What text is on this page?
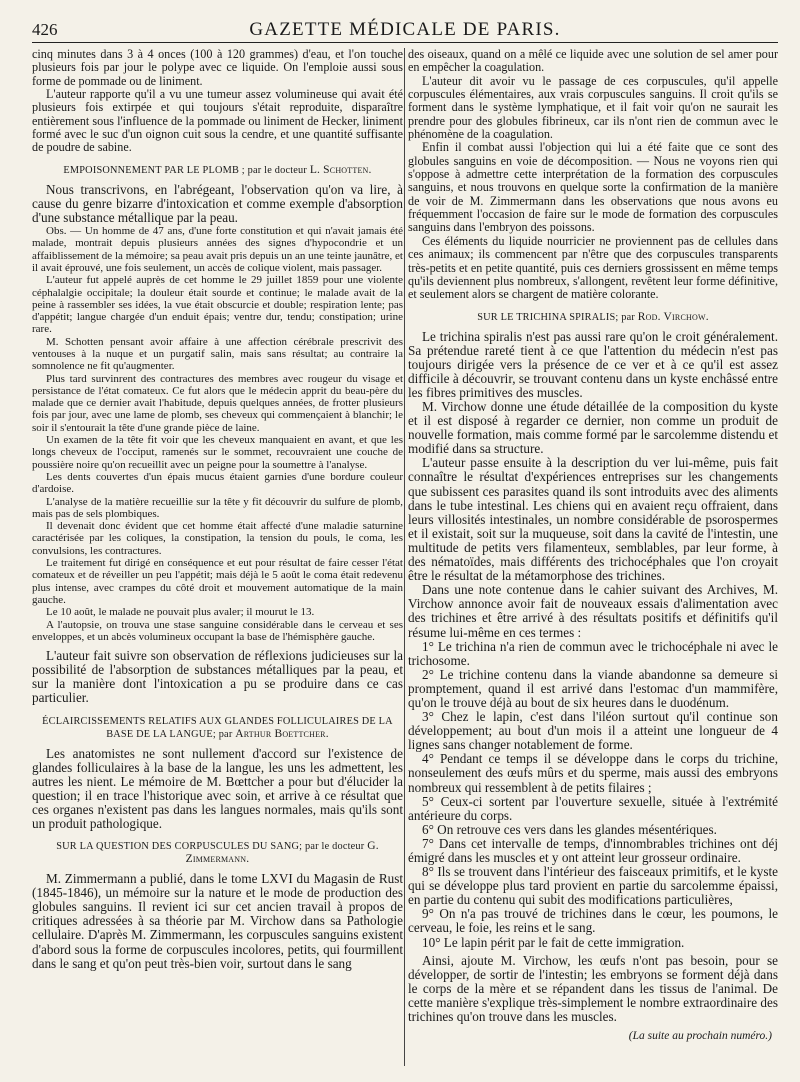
426	GAZETTE MÉDICALE DE PARIS.

cinq minutes dans 3 à 4 onces (100 à 120 grammes) d'eau, et l'on touche plusieurs fois par jour le polype avec ce liquide. On l'emploie aussi sous forme de pommade ou de liniment.

L'auteur rapporte qu'il a vu une tumeur assez volumineuse qui avait été plusieurs fois extirpée et qui toujours s'était reproduite, disparaître entièrement sous l'influence de la pommade ou liniment de Hecker, liniment formé avec le suc d'un oignon cuit sous la cendre, et une quantité suffisante de poudre de sabine.

EMPOISONNEMENT PAR LE PLOMB ; par le docteur L. Schotten.

Nous transcrivons, en l'abrégeant, l'observation qu'on va lire, à cause du genre bizarre d'intoxication et comme exemple d'absorption d'une substance métallique par la peau.

Obs. — Un homme de 47 ans, d'une forte constitution et qui n'avait jamais été malade, montrait depuis plusieurs années des signes d'hypocondrie et un affaiblissement de la mémoire; sa peau avait pris depuis un an une teinte jaunâtre, et il avait éprouvé, une fois seulement, un accès de colique violent, mais passager.

L'auteur fut appelé auprès de cet homme le 29 juillet 1859 pour une violente céphalalgie occipitale; la douleur était sourde et continue; le malade avait de la peine à rassembler ses idées, la vue était obscurcie et double; respiration lente; pas d'appétit; langue chargée d'un enduit épais; ventre dur, tendu; constipation; urine rare.

M. Schotten pensant avoir affaire à une affection cérébrale prescrivit des ventouses à la nuque et un purgatif salin, mais sans résultat; au contraire la somnolence ne fit qu'augmenter.

Plus tard survinrent des contractures des membres avec rougeur du visage et persistance de l'état comateux. Ce fut alors que le médecin apprit du beau-père du malade que ce dernier avait l'habitude, depuis quelques années, de frotter plusieurs fois par jour, avec une lame de plomb, ses cheveux qui commençaient à blanchir; le soir il s'entourait la tête d'une grande pièce de laine.

Un examen de la tête fit voir que les cheveux manquaient en avant, et que les longs cheveux de l'occiput, ramenés sur le sommet, recouvraient une couche de poussière noire qu'on recueillit avec un peigne pour la soumettre à l'analyse.

Les dents couvertes d'un épais mucus étaient garnies d'une bordure couleur d'ardoise.

L'analyse de la matière recueillie sur la tête y fit découvrir du sulfure de plomb, mais pas de sels plombiques.

Il devenait donc évident que cet homme était affecté d'une maladie saturnine caractérisée par les coliques, la constipation, la tension du pouls, le coma, les convulsions, les contractures.

Le traitement fut dirigé en conséquence et eut pour résultat de faire cesser l'état comateux et de réveiller un peu l'appétit; mais déjà le 5 août le coma était redevenu plus intense, avec crampes du côté droit et mouvement automatique de la main gauche.

Le 10 août, le malade ne pouvait plus avaler; il mourut le 13.

A l'autopsie, on trouva une stase sanguine considérable dans le cerveau et ses enveloppes, et un abcès volumineux occupant la base de l'hémisphère gauche.

L'auteur fait suivre son observation de réflexions judicieuses sur la possibilité de l'absorption de substances métalliques par la peau, et sur la manière dont l'intoxication a pu se produire dans ce cas particulier.

ÉCLAIRCISSEMENTS RELATIFS AUX GLANDES FOLLICULAIRES DE LA BASE DE LA LANGUE; par Arthur Boettcher.

Les anatomistes ne sont nullement d'accord sur l'existence de glandes folliculaires à la base de la langue, les uns les admettent, les autres les nient. Le mémoire de M. Bœttcher a pour but d'élucider la question; il en trace l'historique avec soin, et arrive à ce résultat que ces organes n'existent pas dans les langues normales, mais qu'ils sont un produit pathologique.

SUR LA QUESTION DES CORPUSCULES DU SANG; par le docteur G. Zimmermann.

M. Zimmermann a publié, dans le tome LXVI du Magasin de Rust (1845-1846), un mémoire sur la nature et le mode de production des globules sanguins. Il revient ici sur cet ancien travail à propos de critiques adressées à sa théorie par M. Virchow dans sa Pathologie cellulaire. D'après M. Zimmermann, les corpuscules sanguins existent d'abord sous la forme de corpuscules incolores, petits, qui fourmillent dans le sang et qu'on peut très-bien voir, surtout dans le sang

des oiseaux, quand on a mêlé ce liquide avec une solution de sel amer pour en empêcher la coagulation.

L'auteur dit avoir vu le passage de ces corpuscules, qu'il appelle corpuscules élémentaires, aux vrais corpuscules sanguins. Il croit qu'ils se forment dans le système lymphatique, et il fait voir qu'on ne saurait les prendre pour des globules fibrineux, car ils n'ont rien de commun avec le phénomène de la coagulation.

Enfin il combat aussi l'objection qui lui a été faite que ce sont des globules sanguins en voie de décomposition. — Nous ne voyons rien qui s'oppose à admettre cette interprétation de la formation des corpuscules sanguins, et nous trouvons en quelque sorte la confirmation de la manière de voir de M. Zimmermann dans les observations que nous avons eu fréquemment l'occasion de faire sur le mode de formation des corpuscules sanguins dans l'embryon des poissons.

Ces éléments du liquide nourricier ne proviennent pas de cellules dans ces animaux; ils commencent par n'être que des corpuscules transparents très-petits et en petite quantité, puis ces derniers grossissent en même temps qu'ils deviennent plus nombreux, s'allongent, revêtent leur forme définitive, et seulement alors se chargent de matière colorante.

SUR LE TRICHINA SPIRALIS; par Rod. Virchow.

Le trichina spiralis n'est pas aussi rare qu'on le croit généralement. Sa prétendue rareté tient à ce que l'attention du médecin n'est pas toujours dirigée vers la présence de ce ver et à ce qu'il est assez difficile à découvrir, se trouvant contenu dans un kyste enchâssé entre les fibres primitives des muscles.

M. Virchow donne une étude détaillée de la composition du kyste et il est disposé à regarder ce dernier, non comme un produit de nouvelle formation, mais comme formé par le sarcolemme distendu et modifié dans sa structure.

L'auteur passe ensuite à la description du ver lui-même, puis fait connaître le résultat d'expériences entreprises sur les changements que subissent ces parasites quand ils sont introduits avec des aliments dans le tube intestinal. Les chiens qui en avaient reçu offraient, dans leurs villosités intestinales, un nombre considérable de psorospermes et il existait, soit sur la muqueuse, soit dans la cavité de l'intestin, une multitude de petits vers filamenteux, semblables, par leur forme, à des nématoïdes, mais différents des trichocéphales que l'on croyait être le résultat de la métamorphose des trichines.

Dans une note contenue dans le cahier suivant des Archives, M. Virchow annonce avoir fait de nouveaux essais d'alimentation avec des trichines et être arrivé à des résultats positifs et définitifs qu'il résume lui-même en ces termes :

1° Le trichina n'a rien de commun avec le trichocéphale ni avec le trichosome.

2° Le trichine contenu dans la viande abandonne sa demeure si promptement, quand il est arrivé dans l'estomac d'un mammifère, qu'on le trouve déjà au bout de six heures dans le duodénum.

3° Chez le lapin, c'est dans l'iléon surtout qu'il continue son développement; au bout d'un mois il a atteint une longueur de 4 lignes sans changer notablement de forme.

4° Pendant ce temps il se développe dans le corps du trichine, nonseulement des œufs mûrs et du sperme, mais aussi des embryons nombreux qui ressemblent à de petits filaires ;

5° Ceux-ci sortent par l'ouverture sexuelle, située à l'extrémité antérieure du corps.

6° On retrouve ces vers dans les glandes mésentériques.

7° Dans cet intervalle de temps, d'innombrables trichines ont déj émigré dans les muscles et y ont atteint leur grosseur ordinaire.

8° Ils se trouvent dans l'intérieur des faisceaux primitifs, et le kyste qui se développe plus tard provient en partie du sarcolemme épaissi, en partie du contenu qui subit des modifications particulières,

9° On n'a pas trouvé de trichines dans le cœur, les poumons, le cerveau, le foie, les reins et le sang.

10° Le lapin périt par le fait de cette immigration.

Ainsi, ajoute M. Virchow, les œufs n'ont pas besoin, pour se développer, de sortir de l'intestin; les embryons se forment déjà dans le corps de la mère et se répandent dans les tissus de l'animal. De cette manière s'explique très-simplement le nombre extraordinaire des trichines qu'on trouve dans les muscles.

(La suite au prochain numéro.)
